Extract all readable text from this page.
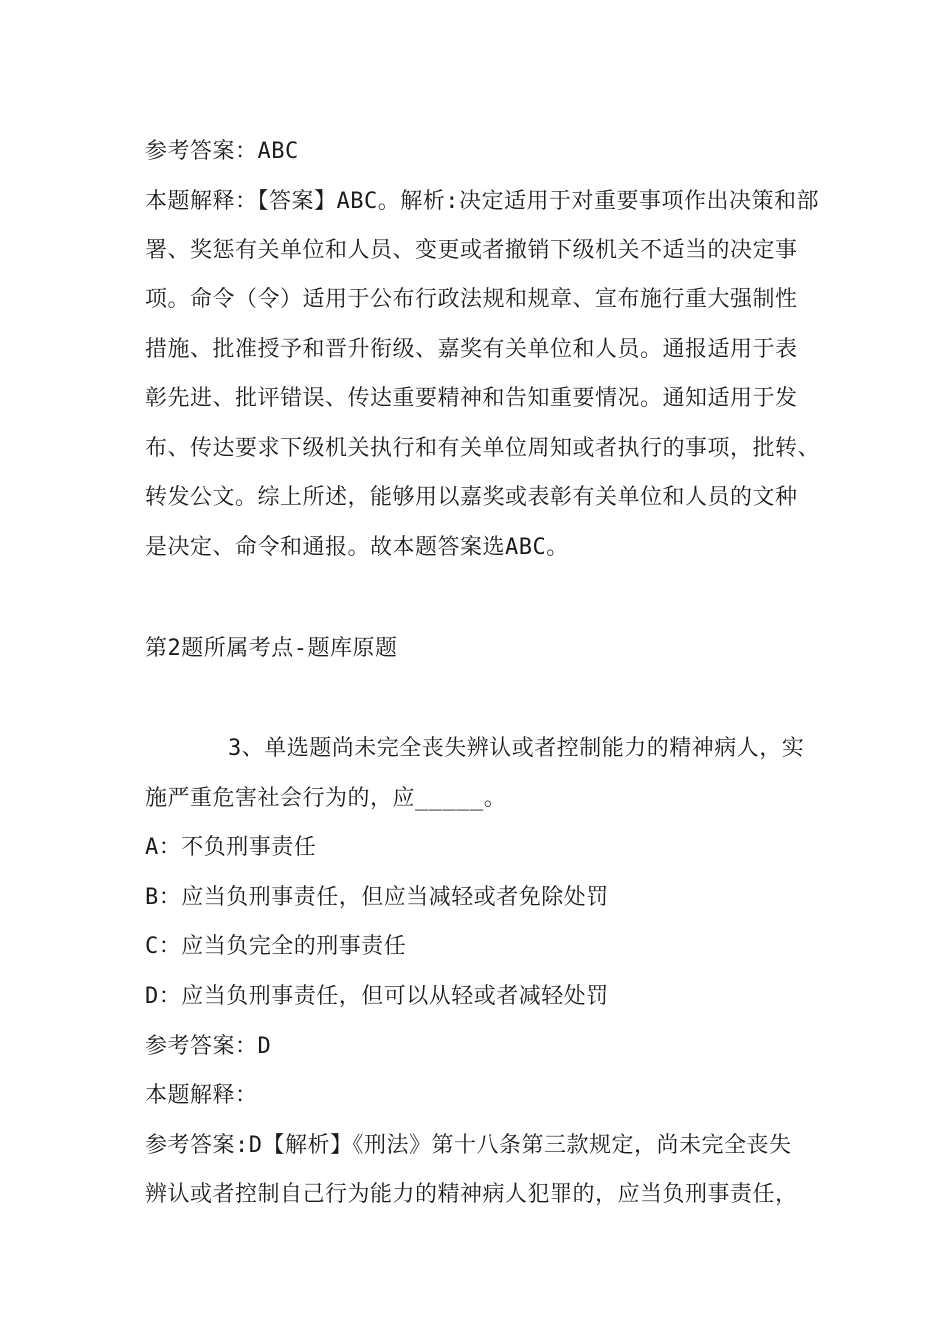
参考答案：ABC
本题解释：【答案】ABC。解析:决定适用于对重要事项作出决策和部
署、奖惩有关单位和人员、变更或者撤销下级机关不适当的决定事
项。命令（令）适用于公布行政法规和规章、宣布施行重大强制性
措施、批准授予和晋升衔级、嘉奖有关单位和人员。通报适用于表
彰先进、批评错误、传达重要精神和告知重要情况。通知适用于发
布、传达要求下级机关执行和有关单位周知或者执行的事项，批转、
转发公文。综上所述，能够用以嘉奖或表彰有关单位和人员的文种
是决定、命令和通报。故本题答案选ABC。
第2题所属考点-题库原题
3、单选题尚未完全丧失辨认或者控制能力的精神病人，实
施严重危害社会行为的，应_____。
A：不负刑事责任
B：应当负刑事责任，但应当减轻或者免除处罚
C：应当负完全的刑事责任
D：应当负刑事责任，但可以从轻或者减轻处罚
参考答案：D
本题解释：
参考答案:D【解析】《刑法》第十八条第三款规定，尚未完全丧失
辨认或者控制自己行为能力的精神病人犯罪的，应当负刑事责任，
